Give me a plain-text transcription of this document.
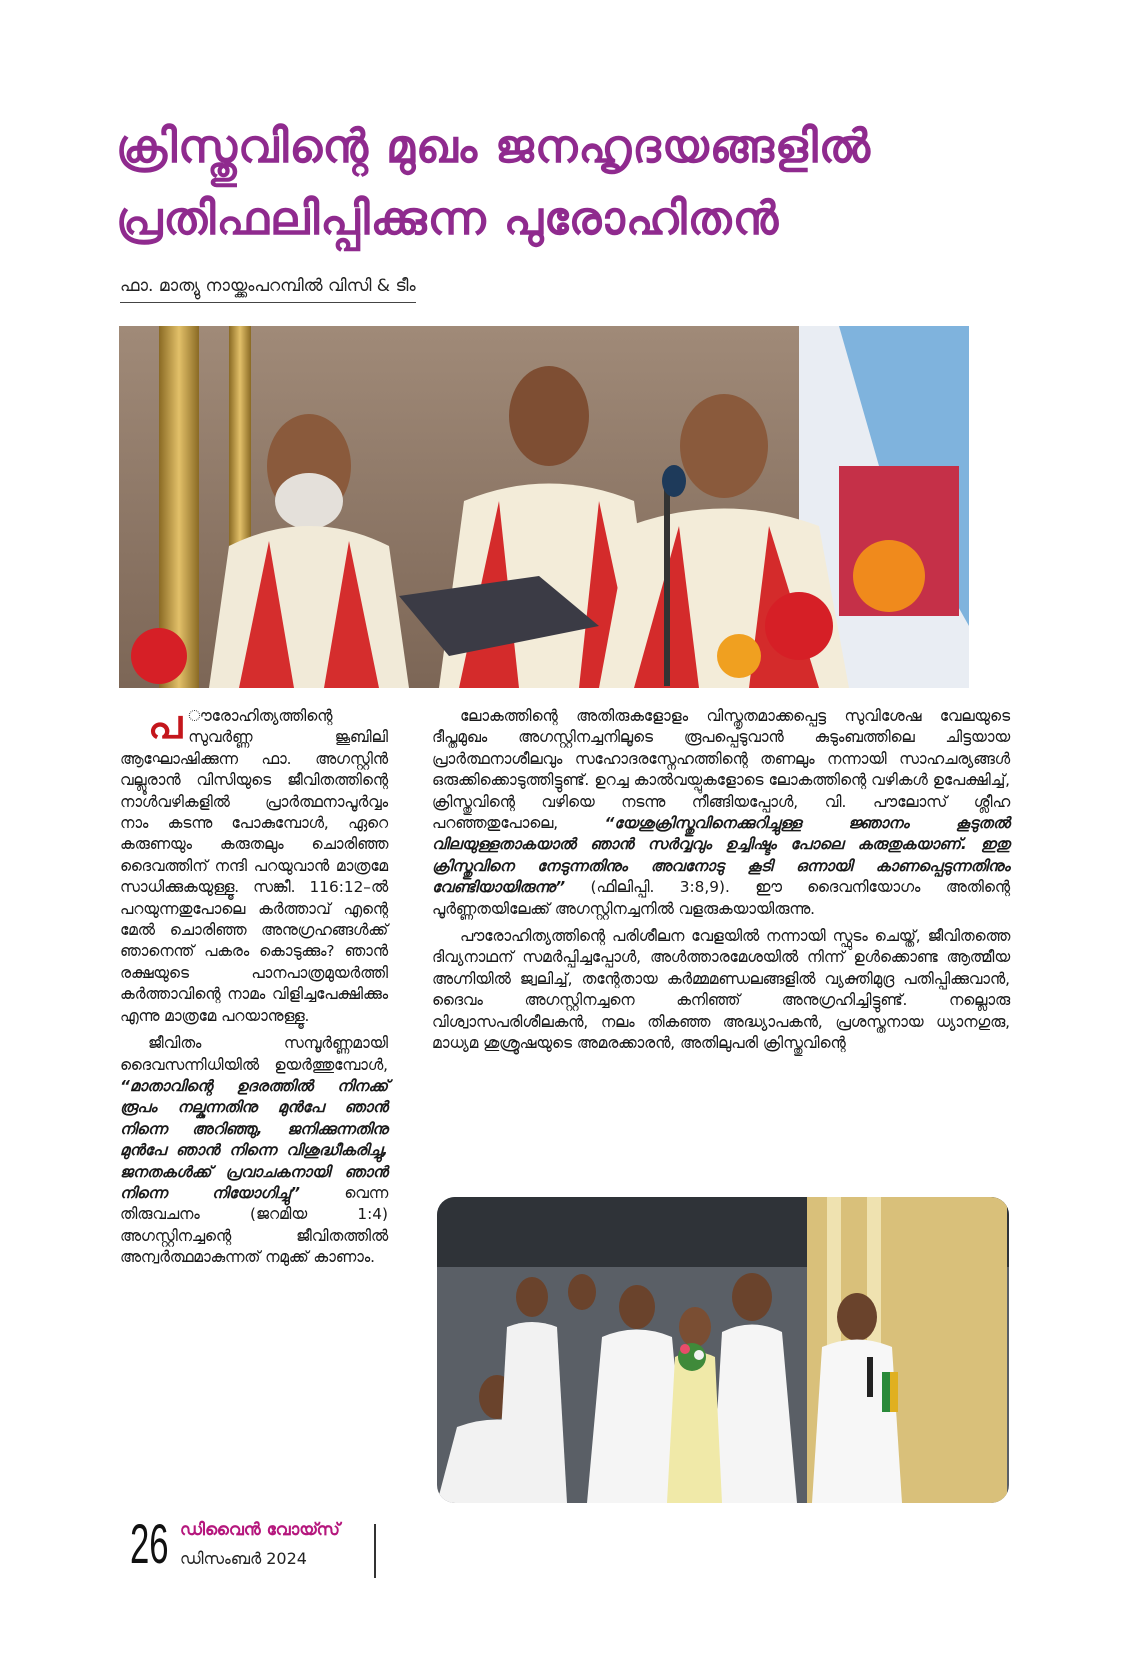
ക്രിസ്തുവിന്റെ മുഖം ജനഹൃദയങ്ങളിൽ
പ്രതിഫലിപ്പിക്കുന്ന പുരോഹിതൻ
ഫാ. മാത്യു നായ്ക്കംപറമ്പിൽ വിസി & ടീം

പ ൗരോഹിത്യത്തിന്റെ സുവർണ്ണ ജൂബിലി ആഘോഷിക്കുന്ന ഫാ. അഗസ്റ്റിൻ വല്ലൂരാൻ വിസിയുടെ ജീവിതത്തിന്റെ നാൾവഴികളിൽ പ്രാർത്ഥനാപൂർവ്വം നാം കടന്നു പോകുമ്പോൾ, ഏറെ കരുണയും കരുതലും ചൊരിഞ്ഞ ദൈവത്തിന് നന്ദി പറയുവാൻ മാത്രമേ സാധിക്കുകയുള്ളൂ. സങ്കീ. 116:12–ൽ പറയുന്നതുപോലെ കർത്താവ് എന്റെ മേൽ ചൊരിഞ്ഞ അനുഗ്രഹങ്ങൾക്ക് ഞാനെന്ത് പകരം കൊടുക്കും? ഞാൻ രക്ഷയുടെ പാനപാത്രമുയർത്തി കർത്താവിന്റെ നാമം വിളിച്ചപേക്ഷിക്കും എന്നു മാത്രമേ പറയാനുള്ളൂ.

ജീവിതം സമ്പൂർണ്ണമായി ദൈവസന്നിധിയിൽ ഉയർത്തുമ്പോൾ, “മാതാവിന്റെ ഉദരത്തിൽ നിനക്ക് രൂപം നല്കുന്നതിനു മുൻപേ ഞാൻ നിന്നെ അറിഞ്ഞു, ജനിക്കുന്നതിനു മുൻപേ ഞാൻ നിന്നെ വിശുദ്ധീകരിച്ചു, ജനതകൾക്ക് പ്രവാചകനായി ഞാൻ നിന്നെ നിയോഗിച്ചു” വെന്ന തിരുവചനം (ജറമിയ 1:4) അഗസ്റ്റിനച്ചന്റെ ജീവിതത്തിൽ അന്വർത്ഥമാകുന്നത് നമുക്ക് കാണാം.

ലോകത്തിന്റെ അതിരുകളോളം വിസ്തൃതമാക്കപ്പെട്ട സുവിശേഷ വേലയുടെ ദീപ്തമുഖം അഗസ്റ്റിനച്ചനിലൂടെ രൂപപ്പെടുവാൻ കുടുംബത്തിലെ ചിട്ടയായ പ്രാർത്ഥനാശീലവും സഹോദരസ്നേഹത്തിന്റെ തണലും നന്നായി സാഹചര്യങ്ങൾ ഒരുക്കിക്കൊടുത്തിട്ടുണ്ട്. ഉറച്ച കാൽവയ്പുകളോടെ ലോകത്തിന്റെ വഴികൾ ഉപേക്ഷിച്ച്, ക്രിസ്തുവിന്റെ വഴിയെ നടന്നു നീങ്ങിയപ്പോൾ, വി. പൗലോസ് ശ്ലീഹ പറഞ്ഞതുപോലെ, “യേശുക്രിസ്തുവിനെക്കുറിച്ചുള്ള ജ്ഞാനം കൂടുതൽ വിലയുള്ളതാകയാൽ ഞാൻ സർവ്വവും ഉച്ചിഷ്ടം പോലെ കരുതുകയാണ്. ഇതു ക്രിസ്തുവിനെ നേടുന്നതിനും അവനോടു കൂടി ഒന്നായി കാണപ്പെടുന്നതിനും വേണ്ടിയായിരുന്നു” (ഫിലിപ്പി. 3:8,9). ഈ ദൈവനിയോഗം അതിന്റെ പൂർണ്ണതയിലേക്ക് അഗസ്റ്റിനച്ചനിൽ വളരുകയായിരുന്നു.

പൗരോഹിത്യത്തിന്റെ പരിശീലന വേളയിൽ നന്നായി സ്ഫുടം ചെയ്ത്, ജീവിതത്തെ ദിവ്യനാഥന് സമർപ്പിച്ചപ്പോൾ, അൾത്താരമേശയിൽ നിന്ന് ഉൾക്കൊണ്ട ആത്മീയ അഗ്നിയിൽ ജ്വലിച്ച്, തന്റേതായ കർമ്മമണ്ഡലങ്ങളിൽ വ്യക്തിമുദ്ര പതിപ്പിക്കുവാൻ, ദൈവം അഗസ്റ്റിനച്ചനെ കനിഞ്ഞ് അനുഗ്രഹിച്ചിട്ടുണ്ട്. നല്ലൊരു വിശ്വാസപരിശീലകൻ, നലം തികഞ്ഞ അദ്ധ്യാപകൻ, പ്രശസ്തനായ ധ്യാനഗുരു, മാധ്യമ ശുശ്രൂഷയുടെ അമരക്കാരൻ, അതിലുപരി ക്രിസ്തുവിന്റെ

26 ഡിവൈൻ വോയ്സ്
ഡിസംബർ 2024
